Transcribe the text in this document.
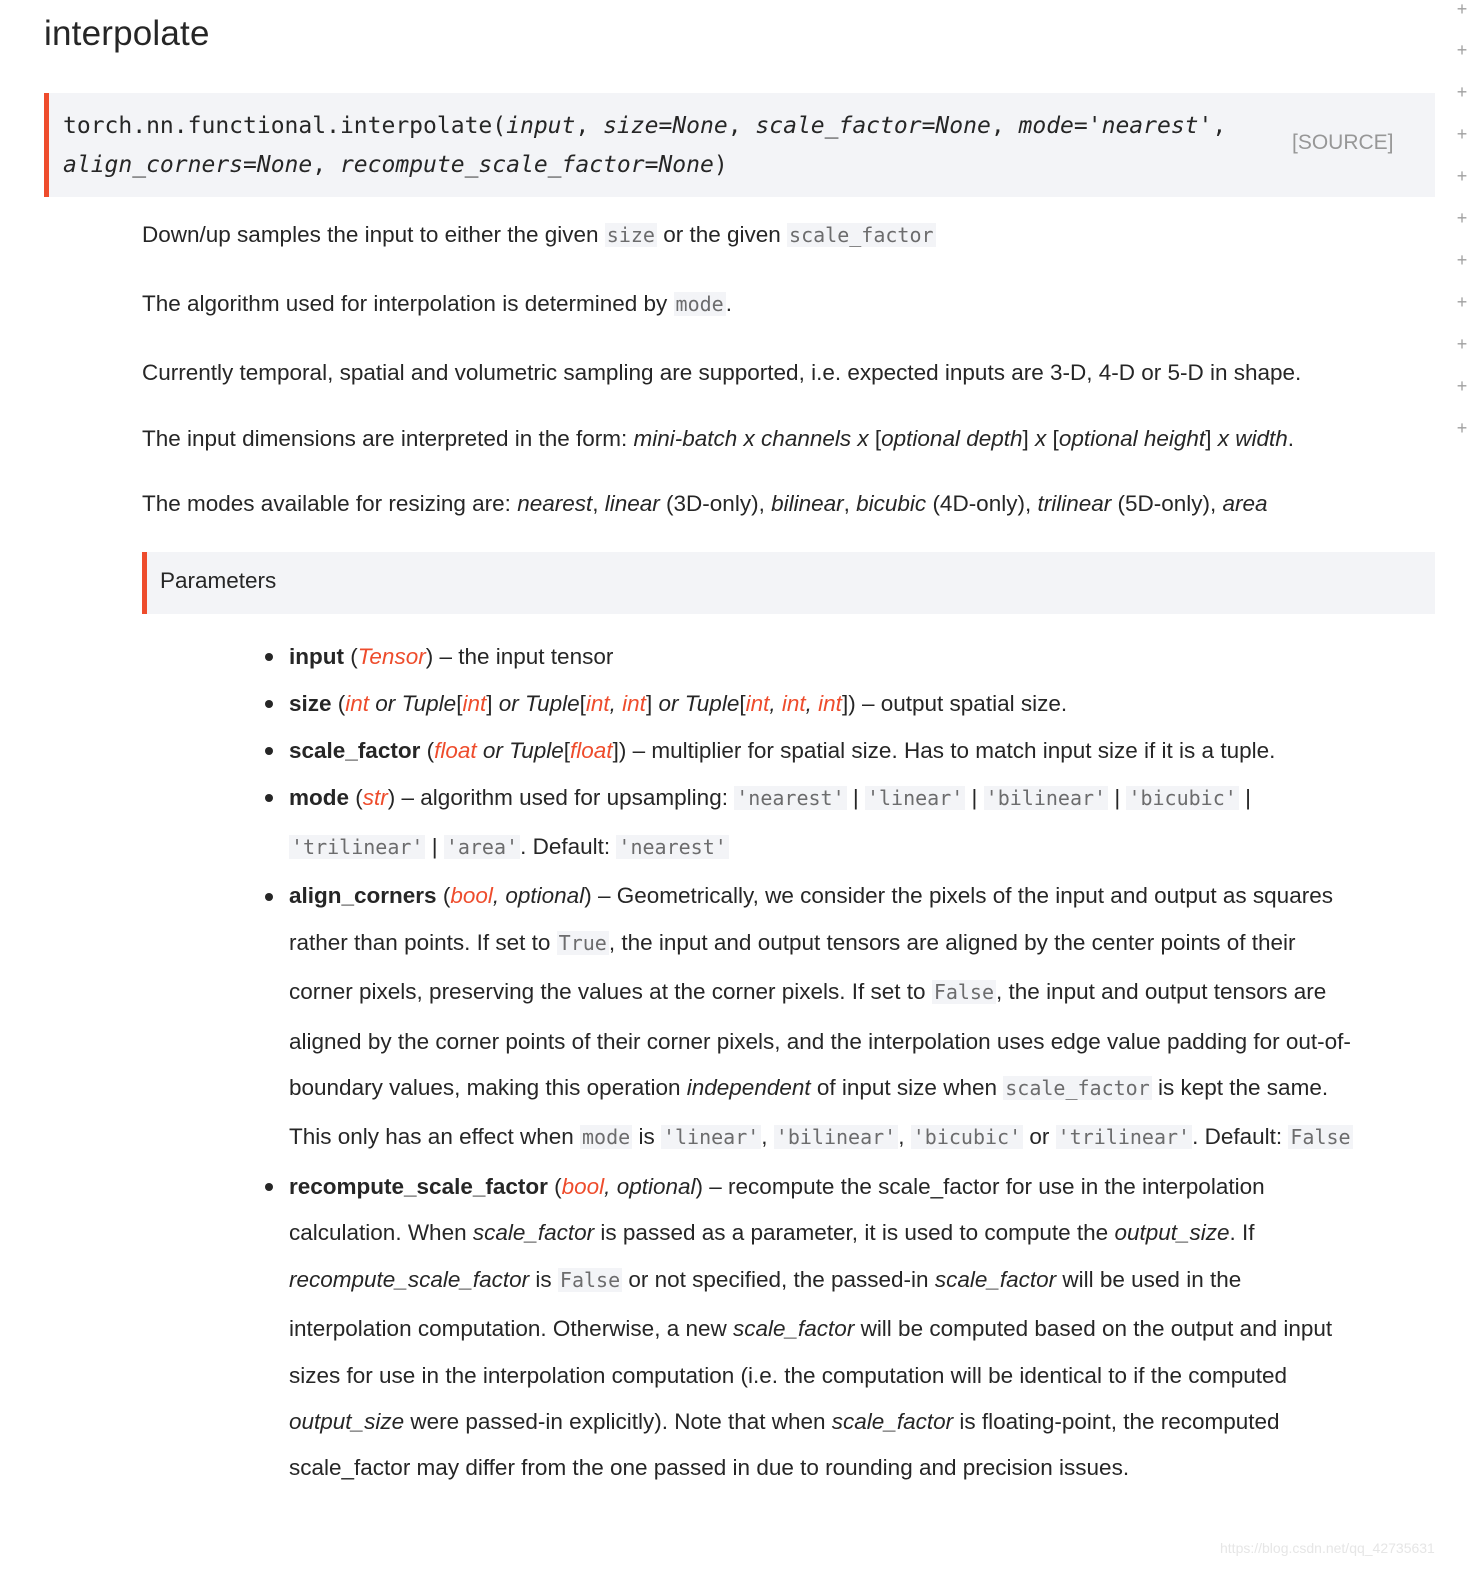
interpolate
torch.nn.functional.interpolate(input, size=None, scale_factor=None, mode='nearest',
align_corners=None, recompute_scale_factor=None)
[SOURCE]

Down/up samples the input to either the given size or the given scale_factor

The algorithm used for interpolation is determined by mode.

Currently temporal, spatial and volumetric sampling are supported, i.e. expected inputs are 3-D, 4-D or 5-D in shape.

The input dimensions are interpreted in the form: mini-batch x channels x [optional depth] x [optional height] x width.

The modes available for resizing are: nearest, linear (3D-only), bilinear, bicubic (4D-only), trilinear (5D-only), area

Parameters

input (Tensor) – the input tensor

size (int or Tuple[int] or Tuple[int, int] or Tuple[int, int, int]) – output spatial size.

scale_factor (float or Tuple[float]) – multiplier for spatial size. Has to match input size if it is a tuple.

mode (str) – algorithm used for upsampling: 'nearest' | 'linear' | 'bilinear' | 'bicubic' |

'trilinear' | 'area'. Default: 'nearest'

align_corners (bool, optional) – Geometrically, we consider the pixels of the input and output as squares

rather than points. If set to True, the input and output tensors are aligned by the center points of their

corner pixels, preserving the values at the corner pixels. If set to False, the input and output tensors are

aligned by the corner points of their corner pixels, and the interpolation uses edge value padding for out-of-

boundary values, making this operation independent of input size when scale_factor is kept the same.

This only has an effect when mode is 'linear', 'bilinear', 'bicubic' or 'trilinear'. Default: False

recompute_scale_factor (bool, optional) – recompute the scale_factor for use in the interpolation

calculation. When scale_factor is passed as a parameter, it is used to compute the output_size. If

recompute_scale_factor is False or not specified, the passed-in scale_factor will be used in the

interpolation computation. Otherwise, a new scale_factor will be computed based on the output and input

sizes for use in the interpolation computation (i.e. the computation will be identical to if the computed

output_size were passed-in explicitly). Note that when scale_factor is floating-point, the recomputed

scale_factor may differ from the one passed in due to rounding and precision issues.

+
+
+
+
+
+
+
+
+
+
+
https://blog.csdn.net/qq_42735631
